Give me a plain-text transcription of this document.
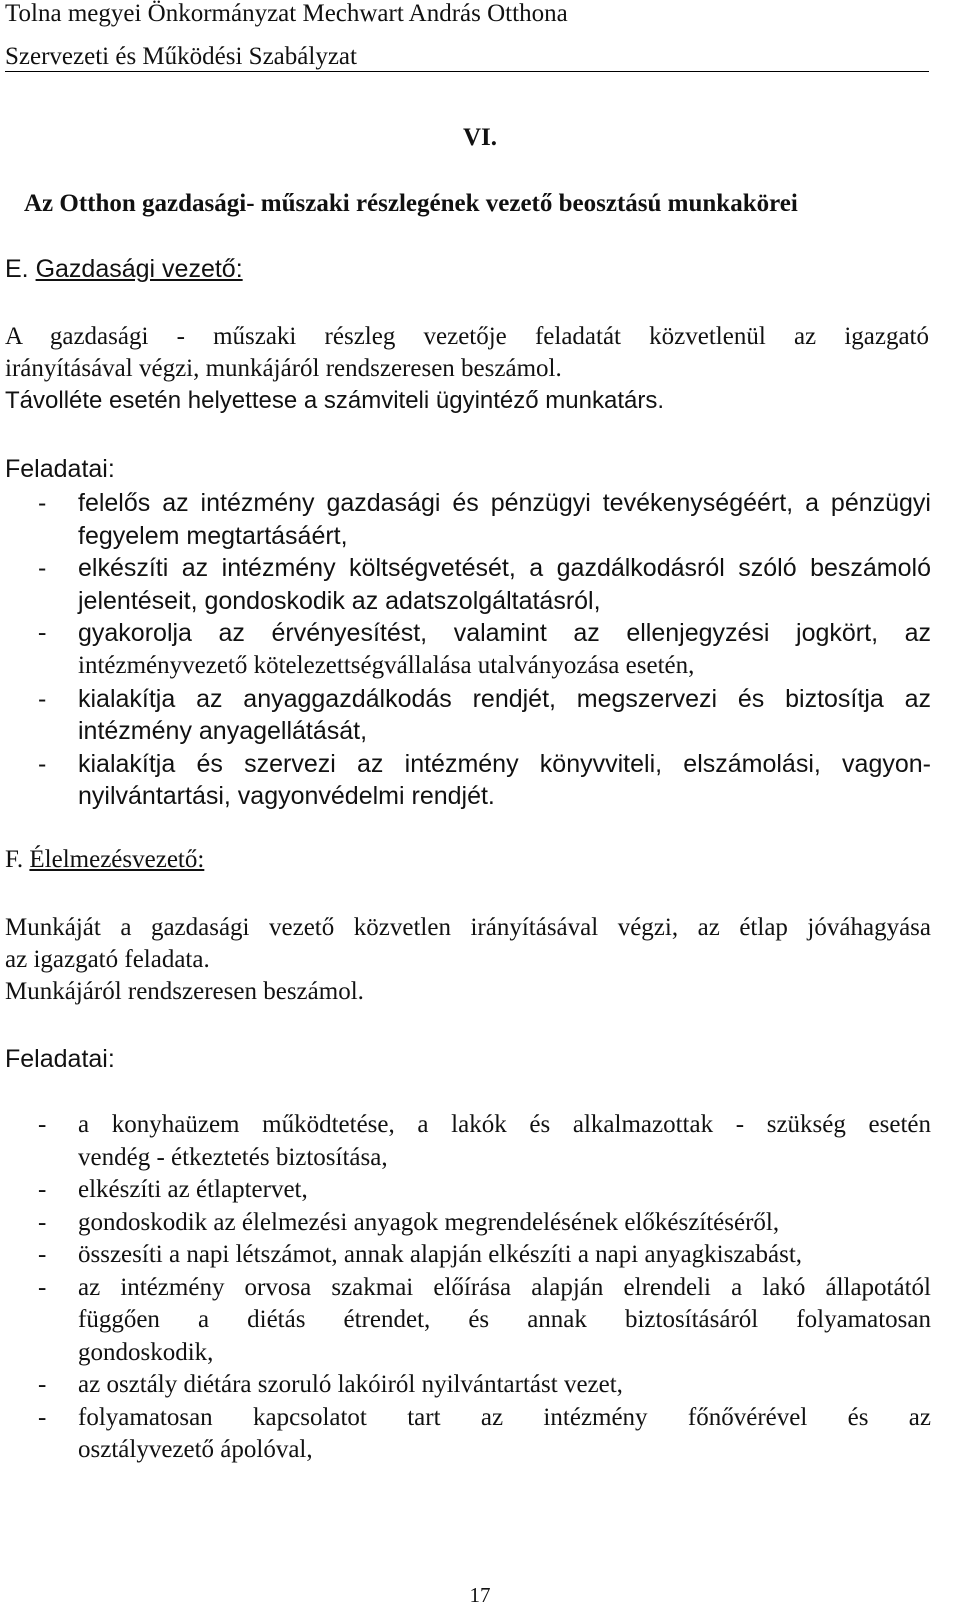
Tolna megyei Önkormányzat Mechwart András Otthona
Szervezeti és Működési Szabályzat
VI.
Az Otthon gazdasági- műszaki részlegének vezető beosztású munkakörei
E. Gazdasági vezető:
A gazdasági - műszaki részleg vezetője feladatát közvetlenül az igazgató
irányításával végzi, munkájáról rendszeresen beszámol.
Távolléte esetén helyettese a számviteli ügyintéző munkatárs.
Feladatai:
- felelős az intézmény gazdasági és pénzügyi tevékenységéért, a pénzügyi
fegyelem megtartásáért,
- elkészíti az intézmény költségvetését, a gazdálkodásról szóló beszámoló
jelentéseit, gondoskodik az adatszolgáltatásról,
- gyakorolja az érvényesítést, valamint az ellenjegyzési jogkört, az
intézményvezető kötelezettségvállalása utalványozása esetén,
- kialakítja az anyaggazdálkodás rendjét, megszervezi és biztosítja az
intézmény anyagellátását,
- kialakítja és szervezi az intézmény könyvviteli, elszámolási, vagyon-
nyilvántartási, vagyonvédelmi rendjét.
F. Élelmezésvezető:
Munkáját a gazdasági vezető közvetlen irányításával végzi, az étlap jóváhagyása
az igazgató feladata.
Munkájáról rendszeresen beszámol.
Feladatai:
- a konyhaüzem működtetése, a lakók és alkalmazottak - szükség esetén
vendég - étkeztetés biztosítása,
- elkészíti az étlaptervet,
- gondoskodik az élelmezési anyagok megrendelésének előkészítéséről,
- összesíti a napi létszámot, annak alapján elkészíti a napi anyagkiszabást,
- az intézmény orvosa szakmai előírása alapján elrendeli a lakó állapotától
függően a diétás étrendet, és annak biztosításáról folyamatosan
gondoskodik,
- az osztály diétára szoruló lakóiról nyilvántartást vezet,
- folyamatosan kapcsolatot tart az intézmény főnővérével és az
osztályvezető ápolóval,
17
